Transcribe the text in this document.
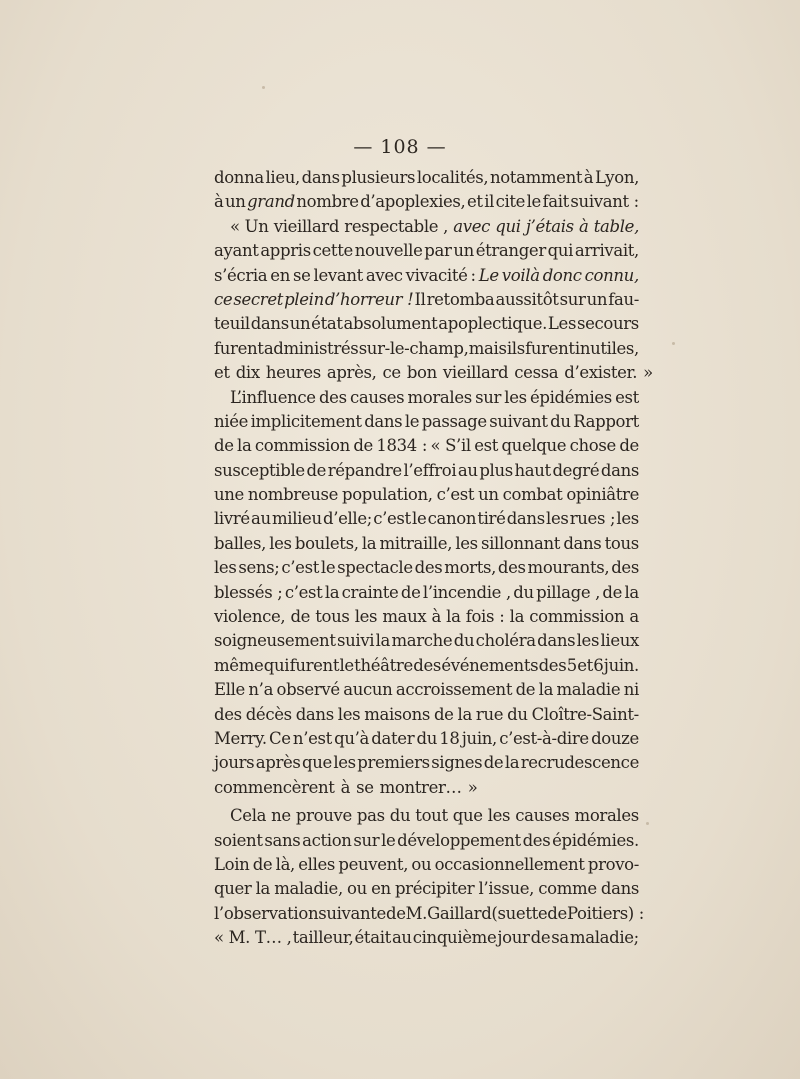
— 108 —
donna lieu, dans plusieurs localités, notamment à Lyon,
à un grand nombre d’apoplexies, et il cite le fait suivant :
« Un vieillard respectable , avec qui j’étais à table,
ayant appris cette nouvelle par un étranger qui arrivait,
s’écria en se levant avec vivacité : Le voilà donc connu,
ce secret plein d’horreur ! Il retomba aussitôt sur un fau-
teuil dans un état absolument apoplectique. Les secours
furent administrés sur-le-champ, mais ils furent inutiles,
et dix heures après, ce bon vieillard cessa d’exister. »
L’influence des causes morales sur les épidémies est
niée implicitement dans le passage suivant du Rapport
de la commission de 1834 : « S’il est quelque chose de
susceptible de répandre l’effroi au plus haut degré dans
une nombreuse population, c’est un combat opiniâtre
livré au milieu d’elle; c’est le canon tiré dans les rues ; les
balles, les boulets, la mitraille, les sillonnant dans tous
les sens; c’est le spectacle des morts, des mourants, des
blessés ; c’est la crainte de l’incendie , du pillage , de la
violence, de tous les maux à la fois : la commission a
soigneusement suivi la marche du choléra dans les lieux
même qui furent le théâtre des événements des 5 et 6 juin.
Elle n’a observé aucun accroissement de la maladie ni
des décès dans les maisons de la rue du Cloître-Saint-
Merry. Ce n’est qu’à dater du 18 juin, c’est-à-dire douze
jours après que les premiers signes de la recrudescence
commencèrent à se montrer… »
Cela ne prouve pas du tout que les causes morales
soient sans action sur le développement des épidémies.
Loin de là, elles peuvent, ou occasionnellement provo-
quer la maladie, ou en précipiter l’issue, comme dans
l’observation suivante de M. Gaillard (suette de Poitiers) :
« M. T… , tailleur, était au cinquième jour de sa maladie;
